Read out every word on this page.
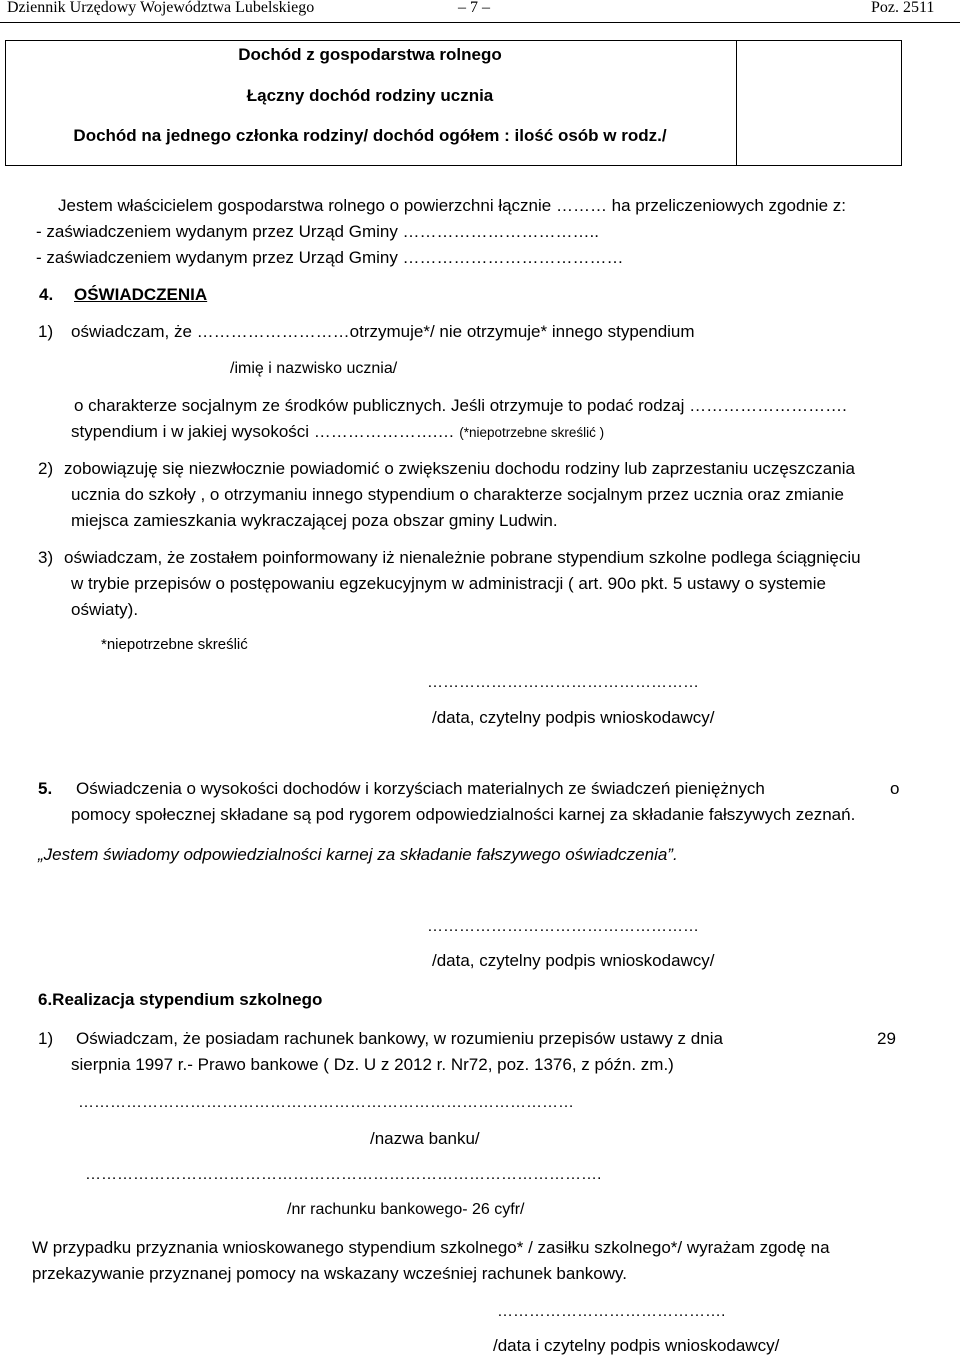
Dziennik Urzędowy Województwa Lubelskiego	– 7 –	Poz. 2511
Dochód z gospodarstwa rolnego
Łączny dochód rodziny ucznia
Dochód na jednego członka rodziny/ dochód ogółem : ilość osób w rodz./
Jestem właścicielem gospodarstwa rolnego o powierzchni łącznie ……… ha przeliczeniowych zgodnie z:
- zaświadczeniem wydanym przez Urząd Gminy ……………………………..
- zaświadczeniem wydanym przez Urząd Gminy …………………………………
4. OŚWIADCZENIA
1) oświadczam, że ………………………otrzymuje*/ nie otrzymuje* innego stypendium
/imię i nazwisko ucznia/
o charakterze socjalnym ze środków publicznych. Jeśli otrzymuje to podać rodzaj ……………………….
stypendium i w jakiej wysokości ………………….… (*niepotrzebne skreślić )
2) zobowiązuję się niezwłocznie powiadomić o zwiększeniu dochodu rodziny lub zaprzestaniu uczęszczania
ucznia do szkoły , o otrzymaniu innego stypendium o charakterze socjalnym przez ucznia oraz zmianie
miejsca zamieszkania wykraczającej poza obszar gminy Ludwin.
3) oświadczam, że zostałem poinformowany iż nienależnie pobrane stypendium szkolne podlega ściągnięciu
w trybie przepisów o postępowaniu egzekucyjnym w administracji ( art. 90o pkt. 5 ustawy o systemie
oświaty).
*niepotrzebne skreślić
……………………………………………
/data, czytelny podpis wnioskodawcy/
5. Oświadczenia o wysokości dochodów i korzyściach materialnych ze świadczeń pieniężnych	o
pomocy społecznej składane są pod rygorem odpowiedzialności karnej za składanie fałszywych zeznań.
„Jestem świadomy odpowiedzialności karnej za składanie fałszywego oświadczenia”.
……………………………………………
/data, czytelny podpis wnioskodawcy/
6.Realizacja stypendium szkolnego
1) Oświadczam, że posiadam rachunek bankowy, w rozumieniu przepisów ustawy z dnia	29
sierpnia 1997 r.- Prawo bankowe ( Dz. U z 2012 r. Nr72, poz. 1376, z późn. zm.)
…………………………………………………………………………………
/nazwa banku/
…………………………………………………………………………………….
/nr rachunku bankowego- 26 cyfr/
W przypadku przyznania wnioskowanego stypendium szkolnego* / zasiłku szkolnego*/ wyrażam zgodę na
przekazywanie przyznanej pomocy na wskazany wcześniej rachunek bankowy.
…………………………………….
/data i czytelny podpis wnioskodawcy/
